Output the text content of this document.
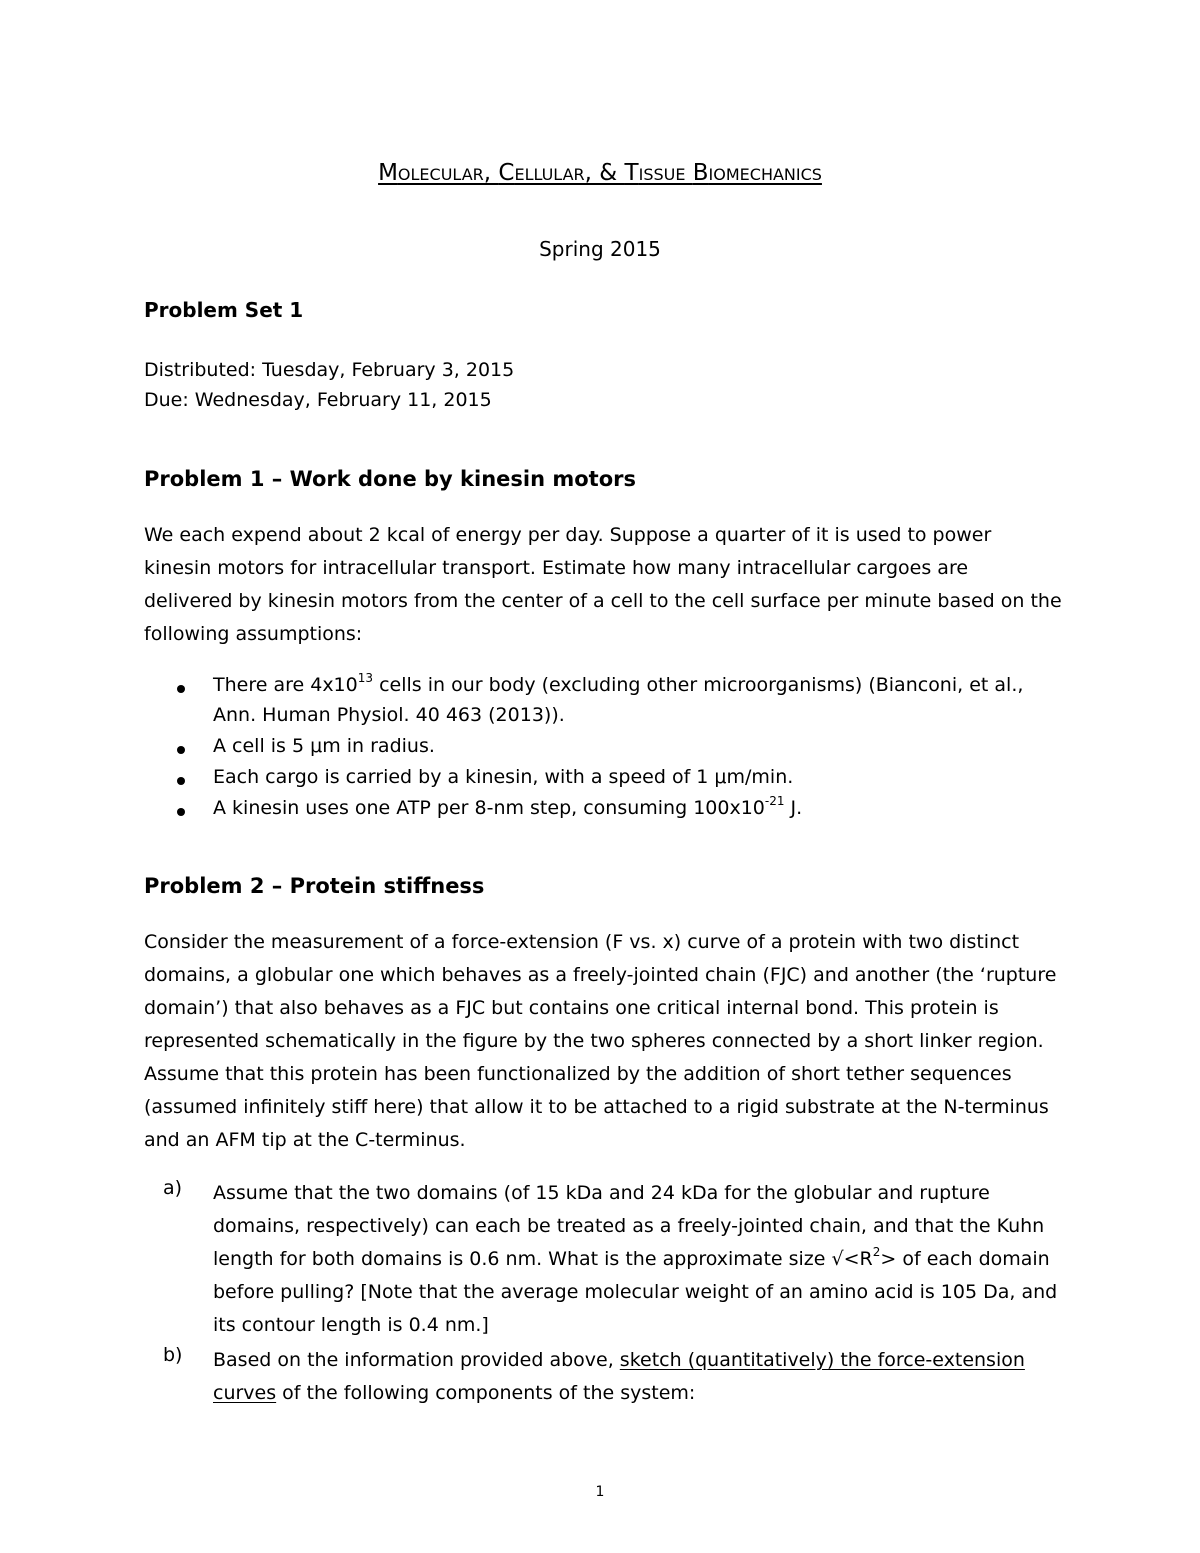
Molecular, Cellular, & Tissue Biomechanics
Spring 2015
Problem Set 1
Distributed: Tuesday, February 3, 2015
Due: Wednesday, February 11, 2015
Problem 1 – Work done by kinesin motors
We each expend about 2 kcal of energy per day. Suppose a quarter of it is used to power
kinesin motors for intracellular transport. Estimate how many intracellular cargoes are
delivered by kinesin motors from the center of a cell to the cell surface per minute based on the
following assumptions:
There are $4x10^{13}$ cells in our body (excluding other microorganisms) (Bianconi, et al.,
Ann. Human Physiol. 40 463 (2013)).
A cell is 5 μm in radius.
Each cargo is carried by a kinesin, with a speed of 1 μm/min.
A kinesin uses one ATP per 8-nm step, consuming $100x10^{-21}$ J.
Problem 2 – Protein stiffness
Consider the measurement of a force-extension (F vs. x) curve of a protein with two distinct
domains, a globular one which behaves as a freely-jointed chain (FJC) and another (the ‘rupture
domain’) that also behaves as a FJC but contains one critical internal bond. This protein is
represented schematically in the figure by the two spheres connected by a short linker region.
Assume that this protein has been functionalized by the addition of short tether sequences
(assumed infinitely stiff here) that allow it to be attached to a rigid substrate at the N-terminus
and an AFM tip at the C-terminus.
a) Assume that the two domains (of 15 kDa and 24 kDa for the globular and rupture
domains, respectively) can each be treated as a freely-jointed chain, and that the Kuhn
length for both domains is 0.6 nm. What is the approximate size $√<R^2>$ of each domain
before pulling? [Note that the average molecular weight of an amino acid is 105 Da, and
its contour length is 0.4 nm.]
b) Based on the information provided above, sketch (quantitatively) the force-extension
curves of the following components of the system:
1
